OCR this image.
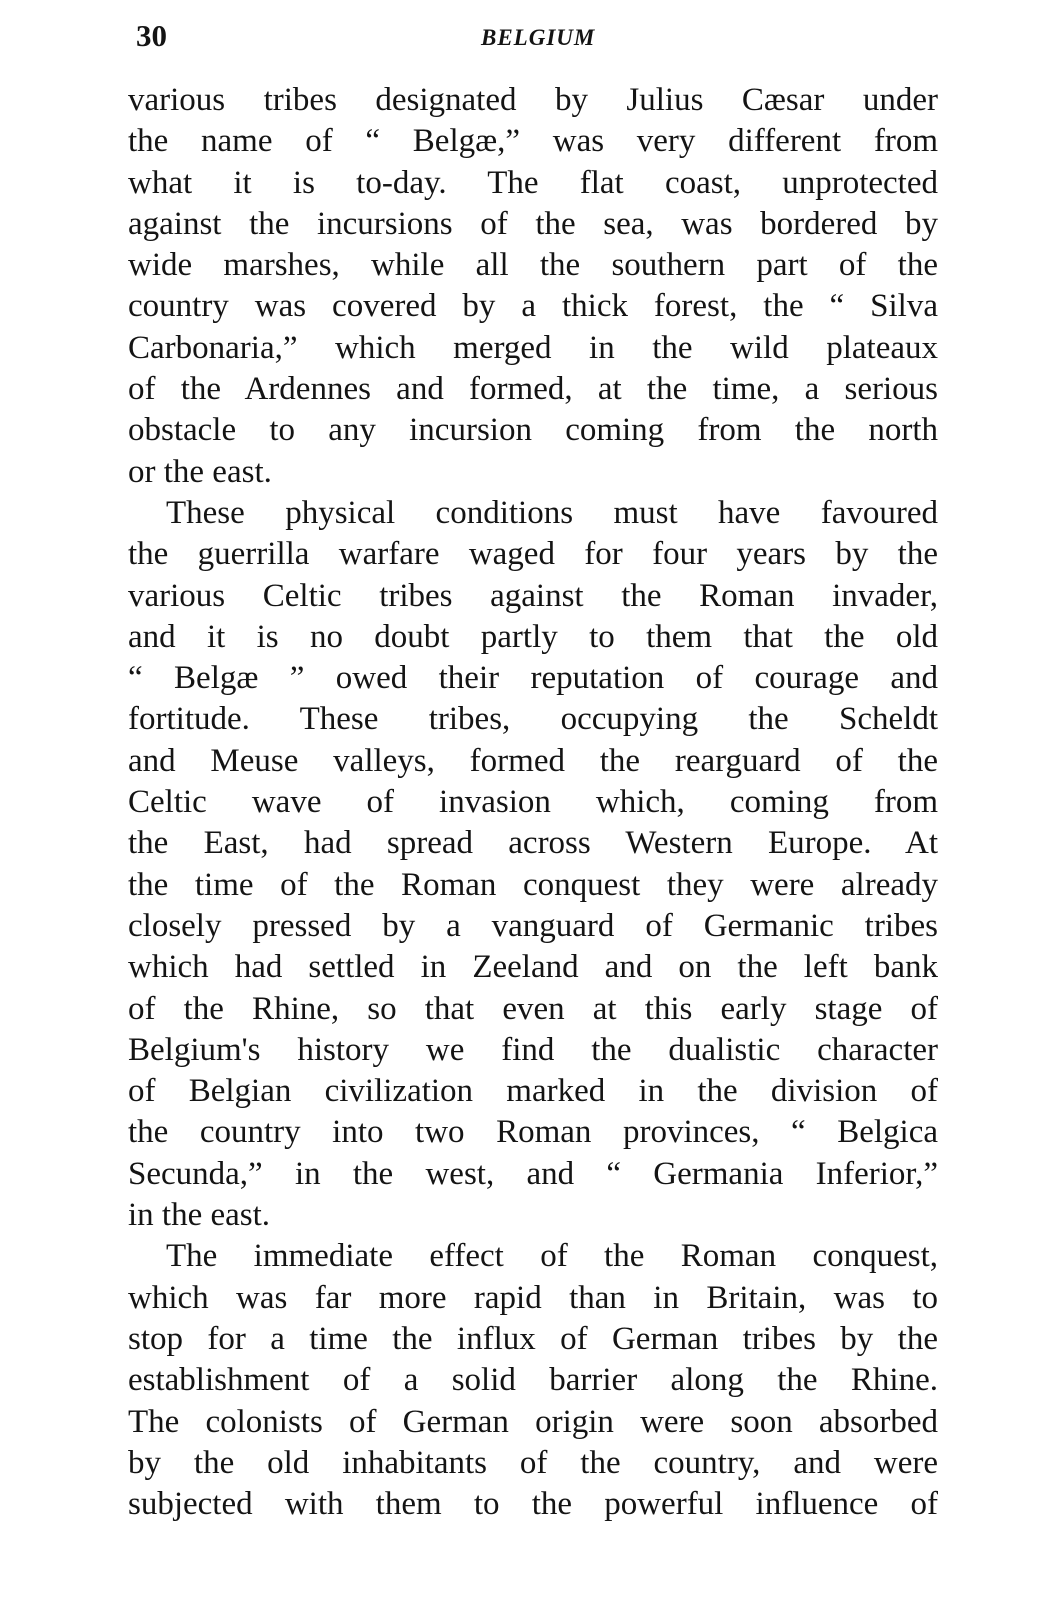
30	BELGIUM
various tribes designated by Julius Cæsar under
the name of “ Belgæ,” was very different from
what it is to-day. The flat coast, unprotected
against the incursions of the sea, was bordered by
wide marshes, while all the southern part of the
country was covered by a thick forest, the “ Silva
Carbonaria,” which merged in the wild plateaux
of the Ardennes and formed, at the time, a serious
obstacle to any incursion coming from the north
or the east.
These physical conditions must have favoured
the guerrilla warfare waged for four years by the
various Celtic tribes against the Roman invader,
and it is no doubt partly to them that the old
“ Belgæ ” owed their reputation of courage and
fortitude. These tribes, occupying the Scheldt
and Meuse valleys, formed the rearguard of the
Celtic wave of invasion which, coming from
the East, had spread across Western Europe. At
the time of the Roman conquest they were already
closely pressed by a vanguard of Germanic tribes
which had settled in Zeeland and on the left bank
of the Rhine, so that even at this early stage of
Belgium's history we find the dualistic character
of Belgian civilization marked in the division of
the country into two Roman provinces, “ Belgica
Secunda,” in the west, and “ Germania Inferior,”
in the east.
The immediate effect of the Roman conquest,
which was far more rapid than in Britain, was to
stop for a time the influx of German tribes by the
establishment of a solid barrier along the Rhine.
The colonists of German origin were soon absorbed
by the old inhabitants of the country, and were
subjected with them to the powerful influence of
